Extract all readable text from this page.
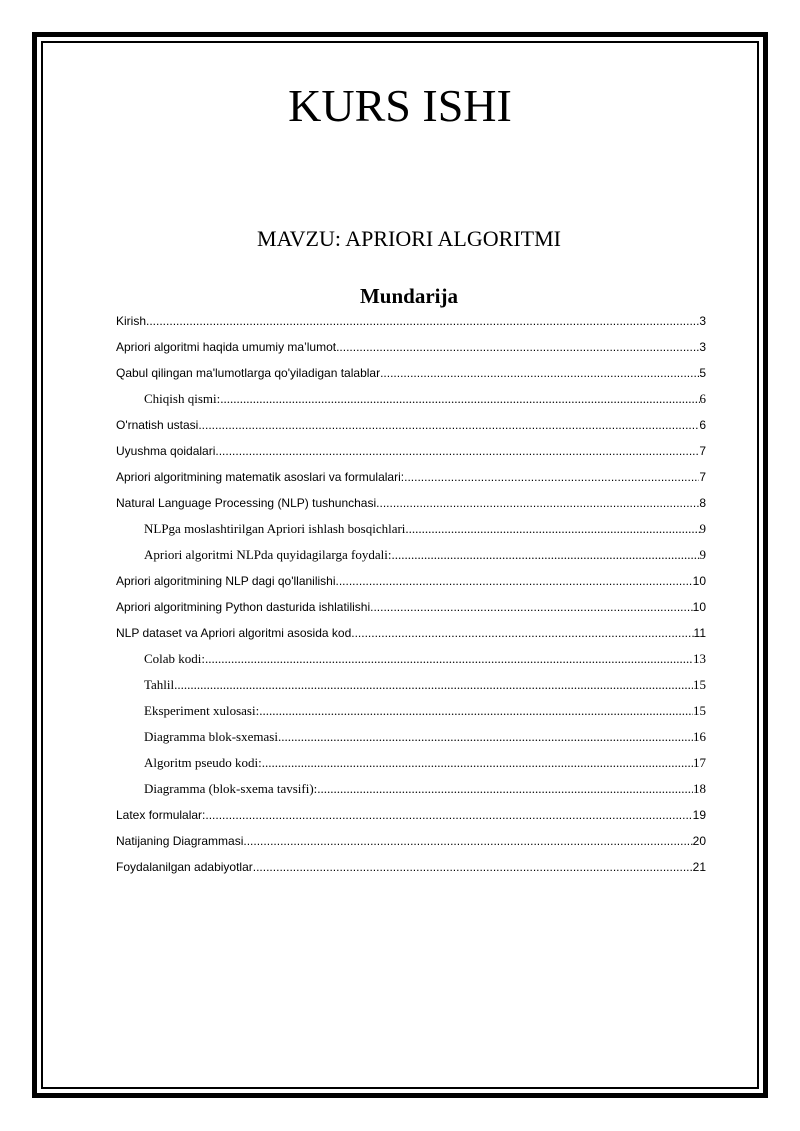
KURS ISHI
MAVZU: APRIORI ALGORITMI
Mundarija
Kirish .....	3
Apriori algoritmi haqida umumiy ma’lumot .....	3
Qabul qilingan ma'lumotlarga qo'yiladigan talablar .....	5
Chiqish qismi: .....	6
O'rnatish ustasi .....	6
Uyushma qoidalari .....	7
Apriori algoritmining matematik asoslari va formulalari: .....	7
Natural Language Processing (NLP) tushunchasi .....	8
NLPga moslashtirilgan Apriori ishlash bosqichlari .....	9
Apriori algoritmi NLPda quyidagilarga foydali: .....	9
Apriori algoritmining NLP dagi qo'llanilishi .....	10
Apriori algoritmining Python dasturida ishlatilishi .....	10
NLP dataset va Apriori algoritmi asosida kod .....	11
Colab kodi: .....	13
Tahlil .....	15
Eksperiment xulosasi: .....	15
Diagramma blok-sxemasi .....	16
Algoritm pseudo kodi: .....	17
Diagramma (blok-sxema tavsifi): .....	18
Latex formulalar: .....	19
Natijaning Diagrammasi .....	20
Foydalanilgan adabiyotlar .....	21
